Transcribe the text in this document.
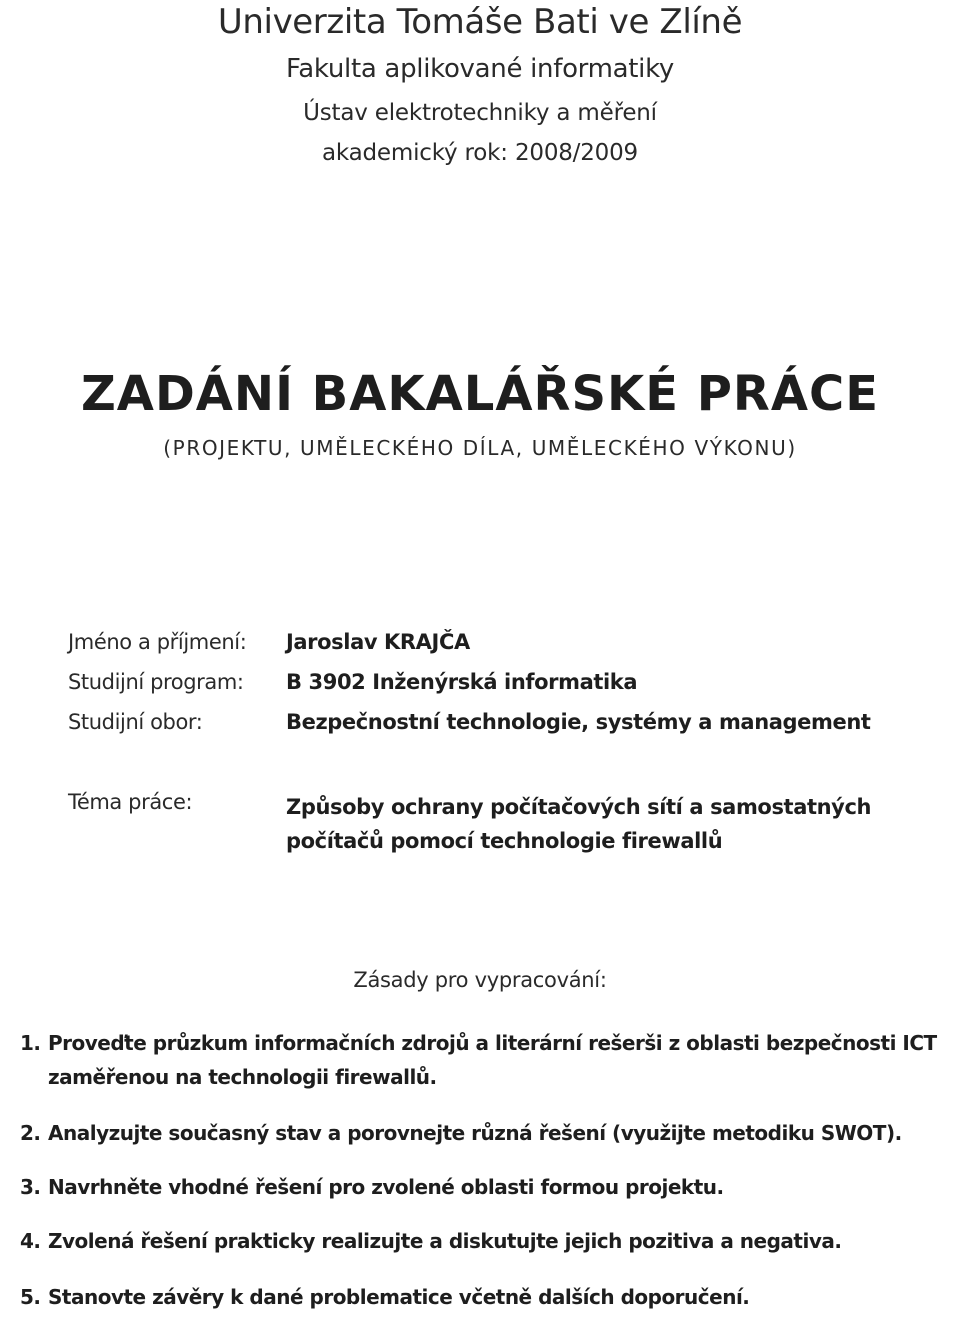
Univerzita Tomáše Bati ve Zlíně
Fakulta aplikované informatiky
Ústav elektrotechniky a měření
akademický rok: 2008/2009
ZADÁNÍ BAKALÁŘSKÉ PRÁCE
(PROJEKTU, UMĚLECKÉHO DÍLA, UMĚLECKÉHO VÝKONU)
Jméno a příjmení: Jaroslav KRAJČA
Studijní program: B 3902 Inženýrská informatika
Studijní obor:	Bezpečnostní technologie, systémy a management
Téma práce:	Způsoby ochrany počítačových sítí a samostatných
počítačů pomocí technologie firewallů
Zásady pro vypracování:
1. Proveďte průzkum informačních zdrojů a literární rešerši z oblasti bezpečnosti ICT
zaměřenou na technologii firewallů.
2. Analyzujte současný stav a porovnejte různá řešení (využijte metodiku SWOT).
3. Navrhněte vhodné řešení pro zvolené oblasti formou projektu.
4. Zvolená řešení prakticky realizujte a diskutujte jejich pozitiva a negativa.
5. Stanovte závěry k dané problematice včetně dalších doporučení.
